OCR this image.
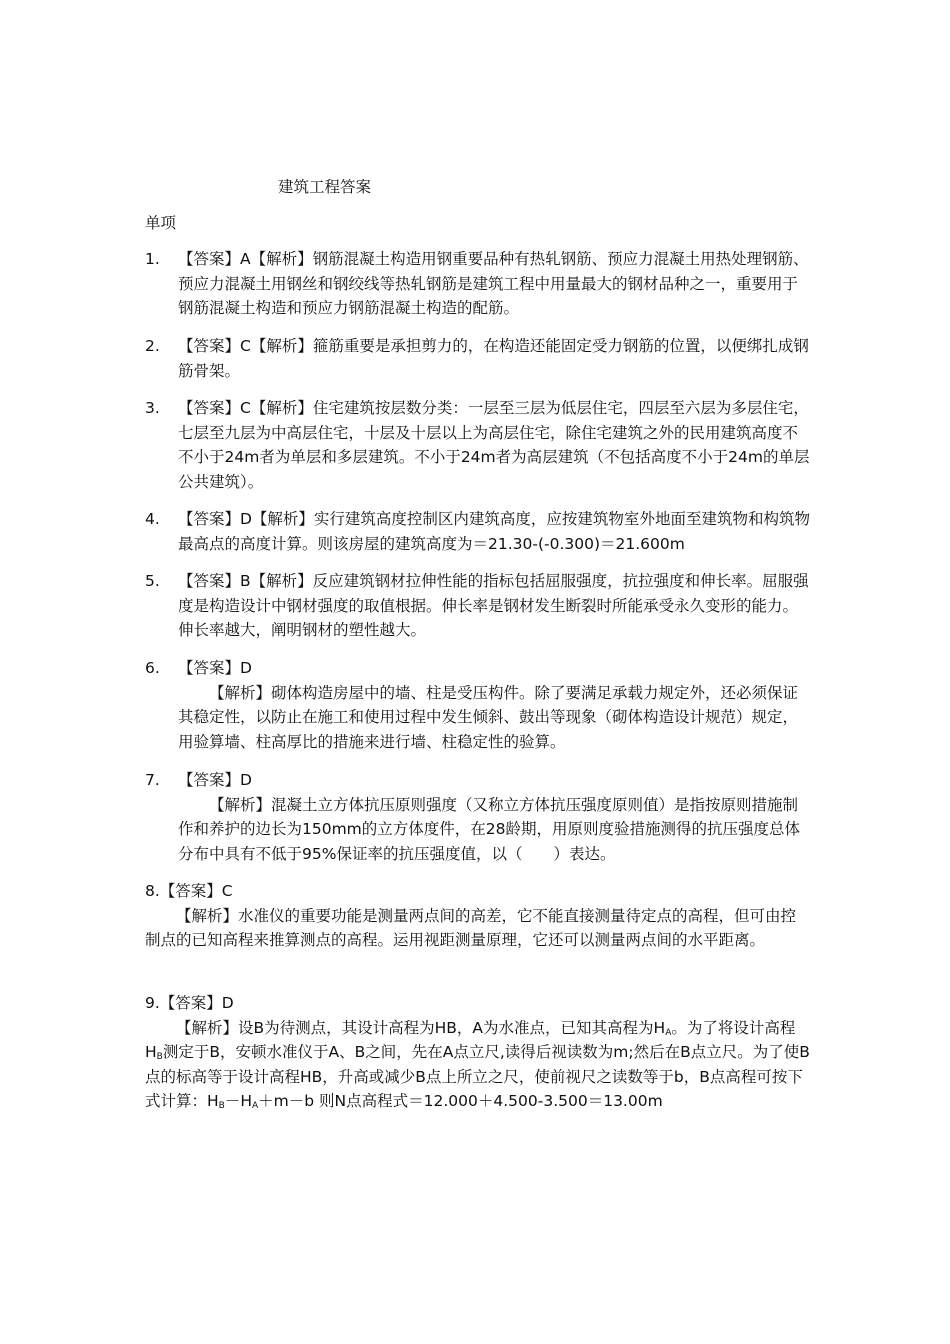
建筑工程答案
单项
1. 【答案】A【解析】钢筋混凝土构造用钢重要品种有热轧钢筋、预应力混凝土用热处理钢筋、预应力混凝土用钢丝和钢绞线等热轧钢筋是建筑工程中用量最大的钢材品种之一，重要用于钢筋混凝土构造和预应力钢筋混凝土构造的配筋。
2. 【答案】C【解析】箍筋重要是承担剪力的，在构造还能固定受力钢筋的位置，以便绑扎成钢筋骨架。
3. 【答案】C【解析】住宅建筑按层数分类：一层至三层为低层住宅，四层至六层为多层住宅，七层至九层为中高层住宅，十层及十层以上为高层住宅，除住宅建筑之外的民用建筑高度不不小于24m者为单层和多层建筑。不小于24m者为高层建筑（不包括高度不小于24m的单层公共建筑）。
4. 【答案】D【解析】实行建筑高度控制区内建筑高度，应按建筑物室外地面至建筑物和构筑物最高点的高度计算。则该房屋的建筑高度为＝21.30-(-0.300)＝21.600m
5. 【答案】B【解析】反应建筑钢材拉伸性能的指标包括屈服强度，抗拉强度和伸长率。屈服强度是构造设计中钢材强度的取值根据。伸长率是钢材发生断裂时所能承受永久变形的能力。伸长率越大，阐明钢材的塑性越大。
6. 【答案】D
【解析】砌体构造房屋中的墙、柱是受压构件。除了要满足承载力规定外，还必须保证其稳定性，以防止在施工和使用过程中发生倾斜、鼓出等现象（砌体构造设计规范）规定，用验算墙、柱高厚比的措施来进行墙、柱稳定性的验算。
7. 【答案】D
【解析】混凝土立方体抗压原则强度（又称立方体抗压强度原则值）是指按原则措施制作和养护的边长为150mm的立方体度件，在28龄期，用原则度验措施测得的抗压强度总体分布中具有不低于95%保证率的抗压强度值，以（　　）表达。
8.【答案】C
【解析】水准仪的重要功能是测量两点间的高差，它不能直接测量待定点的高程，但可由控制点的已知高程来推算测点的高程。运用视距测量原理，它还可以测量两点间的水平距离。
9.【答案】D
【解析】设B为待测点，其设计高程为HB，A为水准点，已知其高程为$H_A$。为了将设计高程$H_B$测定于B，安顿水准仪于A、B之间，先在A点立尺,读得后视读数为m;然后在B点立尺。为了使B点的标高等于设计高程HB，升高或减少B点上所立之尺，使前视尺之读数等于b，B点高程可按下式计算：$H_B-H_A+m-b$ 则N点高程式＝12.000＋4.500-3.500＝13.00m
